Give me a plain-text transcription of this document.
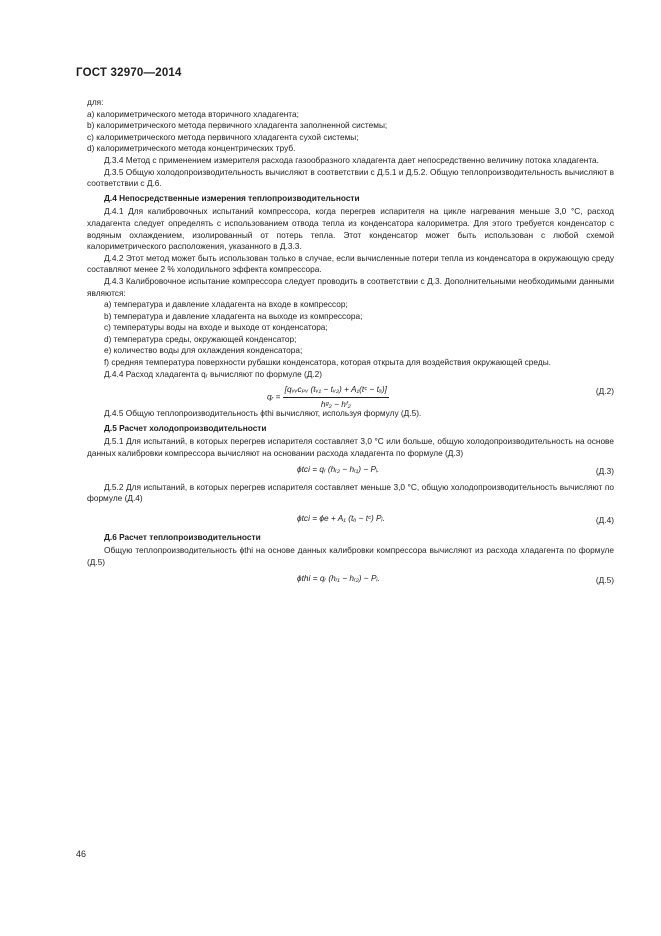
ГОСТ 32970—2014

для:

a) калориметрического метода вторичного хладагента;

b) калориметрического метода первичного хладагента заполненной системы;

c) калориметрического метода первичного хладагента сухой системы;

d) калориметрического метода концентрических труб.

Д.3.4 Метод с применением измерителя расхода газообразного хладагента дает непосредственно величину потока хладагента.

Д.3.5 Общую холодопроизводительность вычисляют в соответствии с Д.5.1 и Д.5.2. Общую теплопроизводительность вычисляют в соответствии с Д.6.

Д.4 Непосредственные измерения теплопроизводительности

Д.4.1 Для калибровочных испытаний компрессора, когда перегрев испарителя на цикле нагревания меньше 3,0 °С, расход хладагента следует определять с использованием отвода тепла из конденсатора калориметра. Для этого требуется конденсатор с водяным охлаждением, изолированный от потерь тепла. Этот конденсатор может быть использован с любой схемой калориметрического расположения, указанного в Д.3.3.

Д.4.2 Этот метод может быть использован только в случае, если вычисленные потери тепла из конденсатора в окружающую среду составляют менее 2 % холодильного эффекта компрессора.

Д.4.3 Калибровочное испытание компрессора следует проводить в соответствии с Д.3. Дополнительными необходимыми данными являются:

a) температура и давление хладагента на входе в компрессор;

b) температура и давление хладагента на выходе из компрессора;

c) температуры воды на входе и выходе от конденсатора;

d) температура среды, окружающей конденсатор;

e) количество воды для охлаждения конденсатора;

f) средняя температура поверхности рубашки конденсатора, которая открыта для воздействия окружающей среды.

Д.4.4 Расход хладагента qᵣ вычисляют по формуле (Д.2)

qᵣ = $\frac{\text{[qᵥᵥcₚᵥ (tᵥ₁ − tᵥ₂) + A₁(tᶜ − tₐ)]}}{\text{hᵍ₂ − hᶠ₂}}$	(Д.2)

Д.4.5 Общую теплопроизводительность ϕthi вычисляют, используя формулу (Д.5).

Д.5 Расчет холодопроизводительности

Д.5.1 Для испытаний, в которых перегрев испарителя составляет 3,0 °С или больше, общую холодопроизводительность на основе данных калибровки компрессора вычисляют на основании расхода хладагента по формуле (Д.3)

ϕtci = qᵣ (hᵣ₂ − hᵣ₁) − Pᵢ.	(Д.3)

Д.5.2 Для испытаний, в которых перегрев испарителя составляет меньше 3,0 °С, общую холодопроизводительность вычисляют по формуле (Д.4)

ϕtci = ϕe + A₁ (tₐ − tᶜ) Pᵢ.	(Д.4)

Д.6 Расчет теплопроизводительности

Общую теплопроизводительность ϕthi на основе данных калибровки компрессора вычисляют из расхода хладагента по формуле (Д.5)

ϕthi = qᵣ (hᵣ₁ − hᵣ₂) − Pᵢ.	(Д.5)
46
